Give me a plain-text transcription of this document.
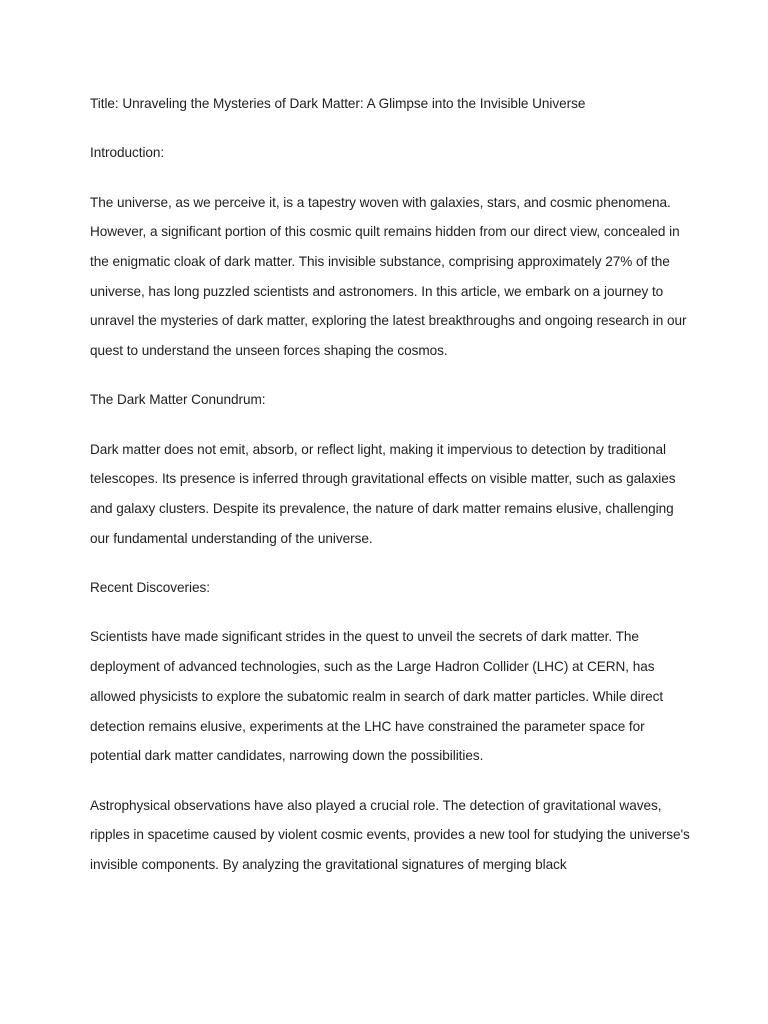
Title: Unraveling the Mysteries of Dark Matter: A Glimpse into the Invisible Universe

Introduction:

The universe, as we perceive it, is a tapestry woven with galaxies, stars, and cosmic phenomena. However, a significant portion of this cosmic quilt remains hidden from our direct view, concealed in the enigmatic cloak of dark matter. This invisible substance, comprising approximately 27% of the universe, has long puzzled scientists and astronomers. In this article, we embark on a journey to unravel the mysteries of dark matter, exploring the latest breakthroughs and ongoing research in our quest to understand the unseen forces shaping the cosmos.

The Dark Matter Conundrum:

Dark matter does not emit, absorb, or reflect light, making it impervious to detection by traditional telescopes. Its presence is inferred through gravitational effects on visible matter, such as galaxies and galaxy clusters. Despite its prevalence, the nature of dark matter remains elusive, challenging our fundamental understanding of the universe.

Recent Discoveries:

Scientists have made significant strides in the quest to unveil the secrets of dark matter. The deployment of advanced technologies, such as the Large Hadron Collider (LHC) at CERN, has allowed physicists to explore the subatomic realm in search of dark matter particles. While direct detection remains elusive, experiments at the LHC have constrained the parameter space for potential dark matter candidates, narrowing down the possibilities.

Astrophysical observations have also played a crucial role. The detection of gravitational waves, ripples in spacetime caused by violent cosmic events, provides a new tool for studying the universe's invisible components. By analyzing the gravitational signatures of merging black
